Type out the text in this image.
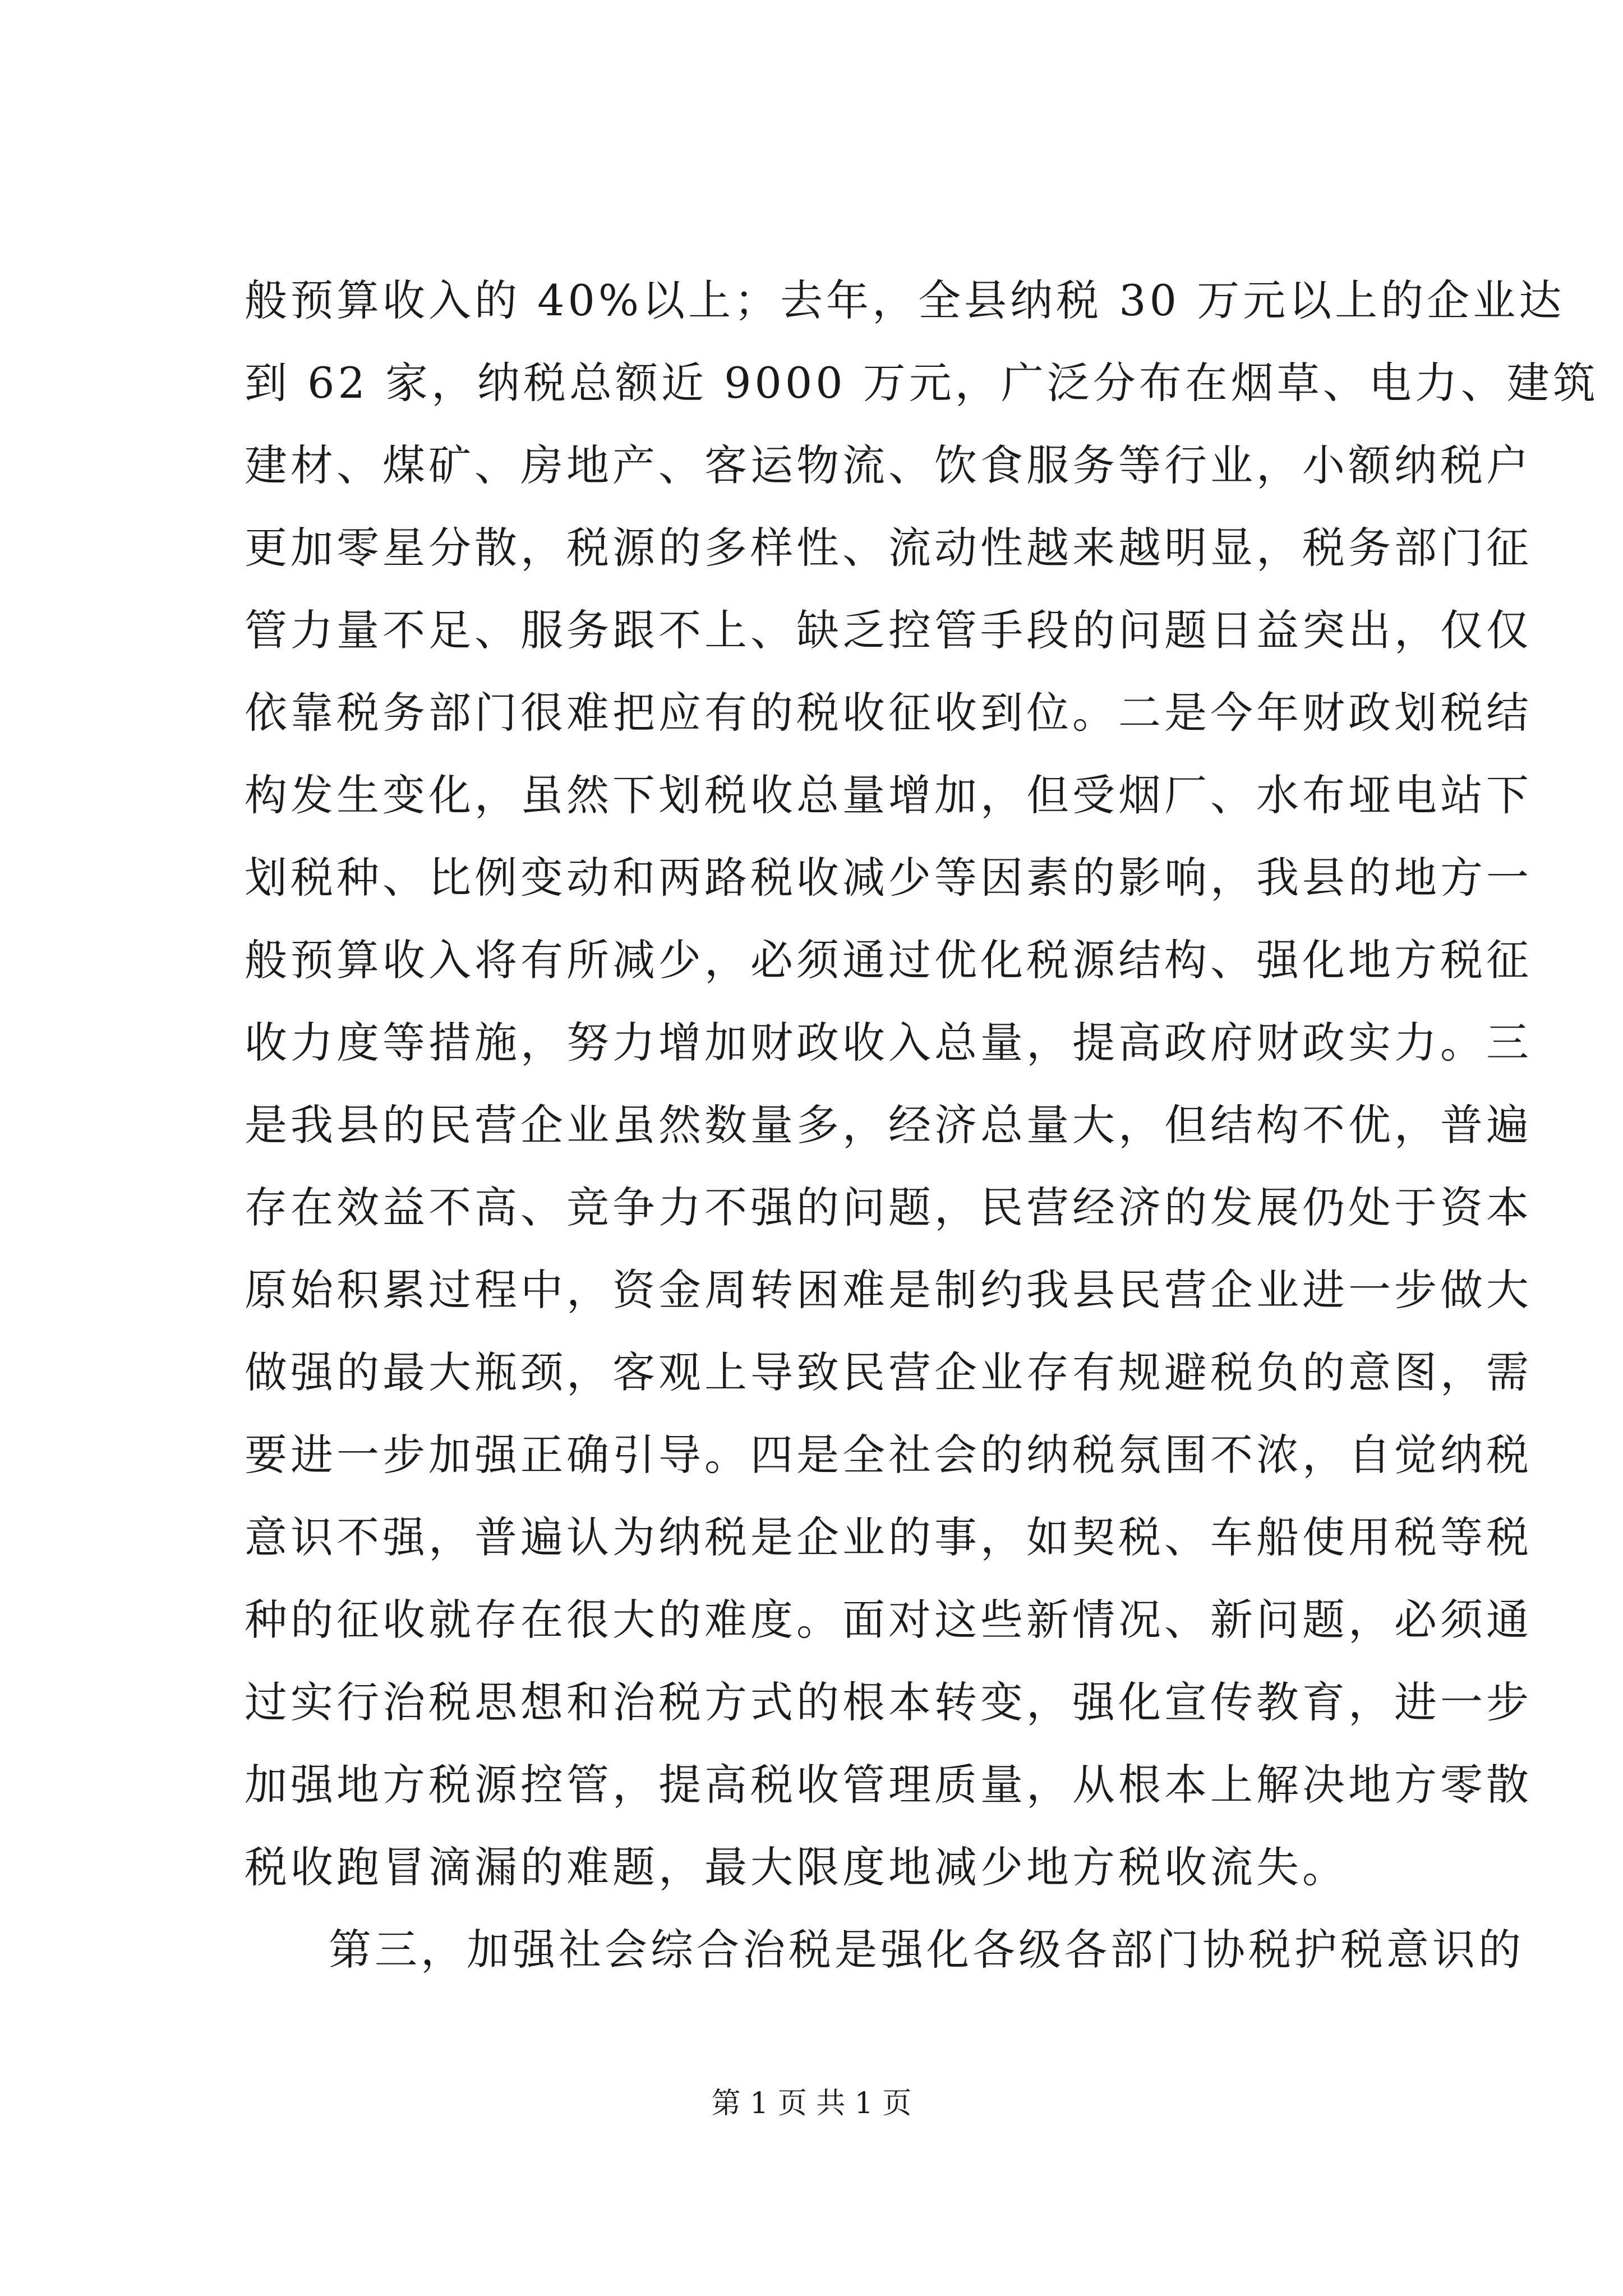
般预算收入的 40%以上；去年，全县纳税 30 万元以上的企业达
到 62 家，纳税总额近 9000 万元，广泛分布在烟草、电力、建筑
建材、煤矿、房地产、客运物流、饮食服务等行业，小额纳税户
更加零星分散，税源的多样性、流动性越来越明显，税务部门征
管力量不足、服务跟不上、缺乏控管手段的问题日益突出，仅仅
依靠税务部门很难把应有的税收征收到位。二是今年财政划税结
构发生变化，虽然下划税收总量增加，但受烟厂、水布垭电站下
划税种、比例变动和两路税收减少等因素的影响，我县的地方一
般预算收入将有所减少，必须通过优化税源结构、强化地方税征
收力度等措施，努力增加财政收入总量，提高政府财政实力。三
是我县的民营企业虽然数量多，经济总量大，但结构不优，普遍
存在效益不高、竞争力不强的问题，民营经济的发展仍处于资本
原始积累过程中，资金周转困难是制约我县民营企业进一步做大
做强的最大瓶颈，客观上导致民营企业存有规避税负的意图，需
要进一步加强正确引导。四是全社会的纳税氛围不浓，自觉纳税
意识不强，普遍认为纳税是企业的事，如契税、车船使用税等税
种的征收就存在很大的难度。面对这些新情况、新问题，必须通
过实行治税思想和治税方式的根本转变，强化宣传教育，进一步
加强地方税源控管，提高税收管理质量，从根本上解决地方零散
税收跑冒滴漏的难题，最大限度地减少地方税收流失。
第三，加强社会综合治税是强化各级各部门协税护税意识的
第 1 页 共 1 页
